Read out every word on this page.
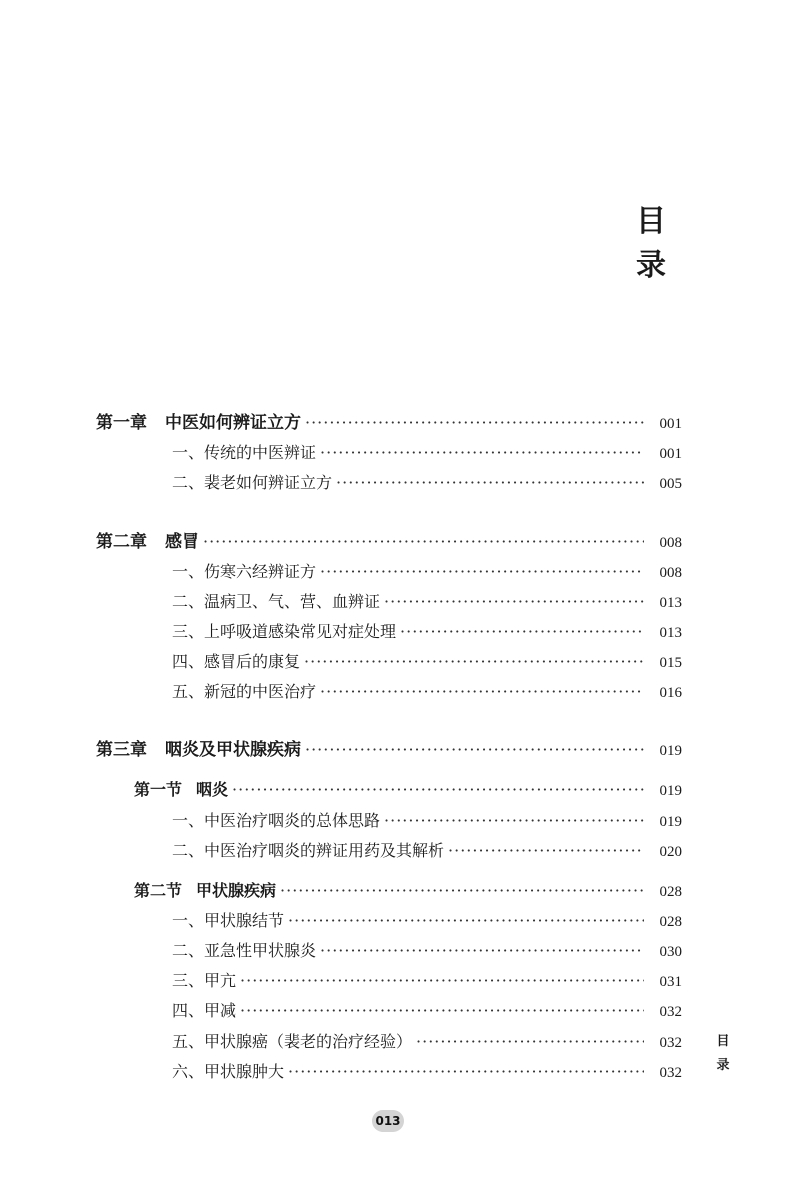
目 录
第一章 中医如何辨证立方 ·····	001
一、传统的中医辨证 ·····	001
二、裴老如何辨证立方 ·····	005
第二章 感冒 ·····	008
一、伤寒六经辨证方 ·····	008
二、温病卫、气、营、血辨证 ·····	013
三、上呼吸道感染常见对症处理 ·····	013
四、感冒后的康复 ·····	015
五、新冠的中医治疗 ·····	016
第三章 咽炎及甲状腺疾病 ·····	019
第一节 咽炎 ·····	019
一、中医治疗咽炎的总体思路 ·····	019
二、中医治疗咽炎的辨证用药及其解析 ·····	020
第二节 甲状腺疾病 ·····	028
一、甲状腺结节 ·····	028
二、亚急性甲状腺炎 ·····	030
三、甲亢 ·····	031
四、甲减 ·····	032
五、甲状腺癌（裴老的治疗经验） ·····	032
六、甲状腺肿大 ·····	032
目
录
013
